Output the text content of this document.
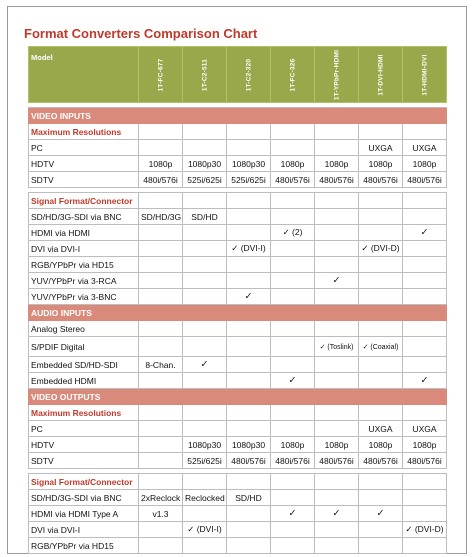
Format Converters Comparison Chart
Model	1T-FC-677	1T-C2-511	1T-C2-320	1T-FC-326	1T-YPbPr-HDMI	1T-DVI-HDMI	1T-HDMI-DVI

VIDEO INPUTS							
Maximum Resolutions							
PC						UXGA	UXGA
HDTV	1080p	1080p30	1080p30	1080p	1080p	1080p	1080p
SDTV	480i/576i	525i/625i	525i/625i	480i/576i	480i/576i	480i/576i	480i/576i

Signal Format/Connector							
SD/HD/3G-SDI via BNC	SD/HD/3G	SD/HD					
HDMI via HDMI				✓ (2)			✓
DVI via DVI-I			✓ (DVI-I)			✓ (DVI-D)	
RGB/YPbPr via HD15							
YUV/YPbPr via 3-RCA					✓		
YUV/YPbPr via 3-BNC			✓				
AUDIO INPUTS							
Analog Stereo							
S/PDIF Digital					✓ (Toslink)	✓ (Coaxial)	
Embedded SD/HD-SDI	8-Chan.	✓					
Embedded HDMI				✓			✓
VIDEO OUTPUTS							
Maximum Resolutions							
PC						UXGA	UXGA
HDTV		1080p30	1080p30	1080p	1080p	1080p	1080p
SDTV		525i/625i	480i/576i	480i/576i	480i/576i	480i/576i	480i/576i

Signal Format/Connector							
SD/HD/3G-SDI via BNC	2xReclock	Reclocked	SD/HD				
HDMI via HDMI Type A	v1.3			✓	✓	✓	
DVI via DVI-I		✓ (DVI-I)					✓ (DVI-D)
RGB/YPbPr via HD15							
